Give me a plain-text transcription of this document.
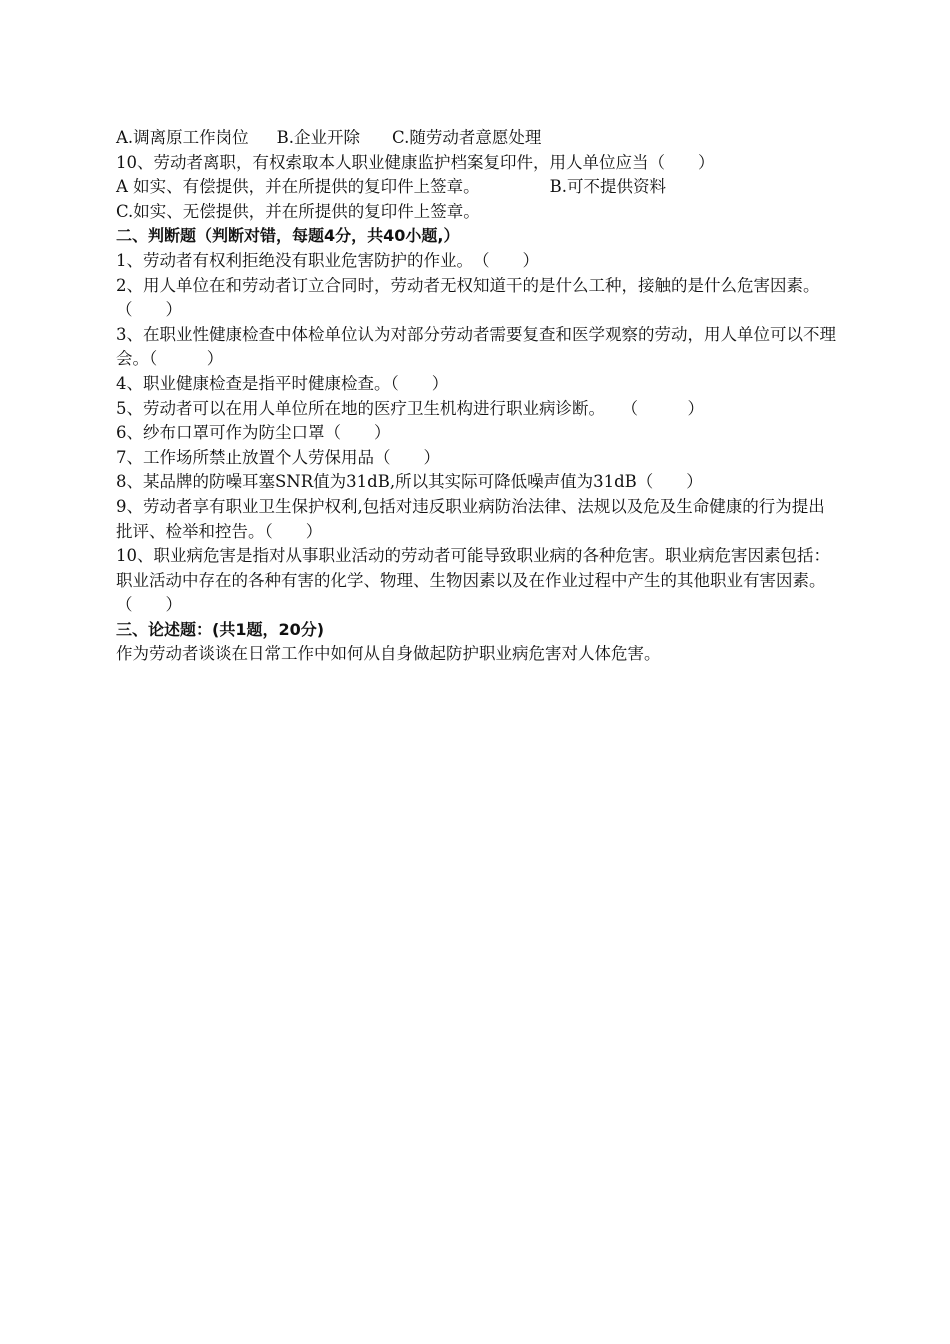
A.调离原工作岗位 B.企业开除 C.随劳动者意愿处理
10、劳动者离职，有权索取本人职业健康监护档案复印件，用人单位应当（　　）
A 如实、有偿提供，并在所提供的复印件上签章。	B.可不提供资料
C.如实、无偿提供，并在所提供的复印件上签章。
二、判断题（判断对错，每题4分，共40小题,）
1、劳动者有权利拒绝没有职业危害防护的作业。　（　　）
2、用人单位在和劳动者订立合同时，劳动者无权知道干的是什么工种，接触的是什么危害因素。（　　）
3、在职业性健康检查中体检单位认为对部分劳动者需要复查和医学观察的劳动，用人单位可以不理会。（　　　）
4、职业健康检查是指平时健康检查。（　　）
5、劳动者可以在用人单位所在地的医疗卫生机构进行职业病诊断。　　（　　　）
6、纱布口罩可作为防尘口罩（　　）
7、工作场所禁止放置个人劳保用品（　　）
8、某品牌的防噪耳塞SNR值为31dB,所以其实际可降低噪声值为31dB（　　）
9、劳动者享有职业卫生保护权利,包括对违反职业病防治法律、法规以及危及生命健康的行为提出批评、检举和控告。（　　）
10、职业病危害是指对从事职业活动的劳动者可能导致职业病的各种危害。职业病危害因素包括：职业活动中存在的各种有害的化学、物理、生物因素以及在作业过程中产生的其他职业有害因素。（　　）
三、论述题：(共1题，20分)
作为劳动者谈谈在日常工作中如何从自身做起防护职业病危害对人体危害。
